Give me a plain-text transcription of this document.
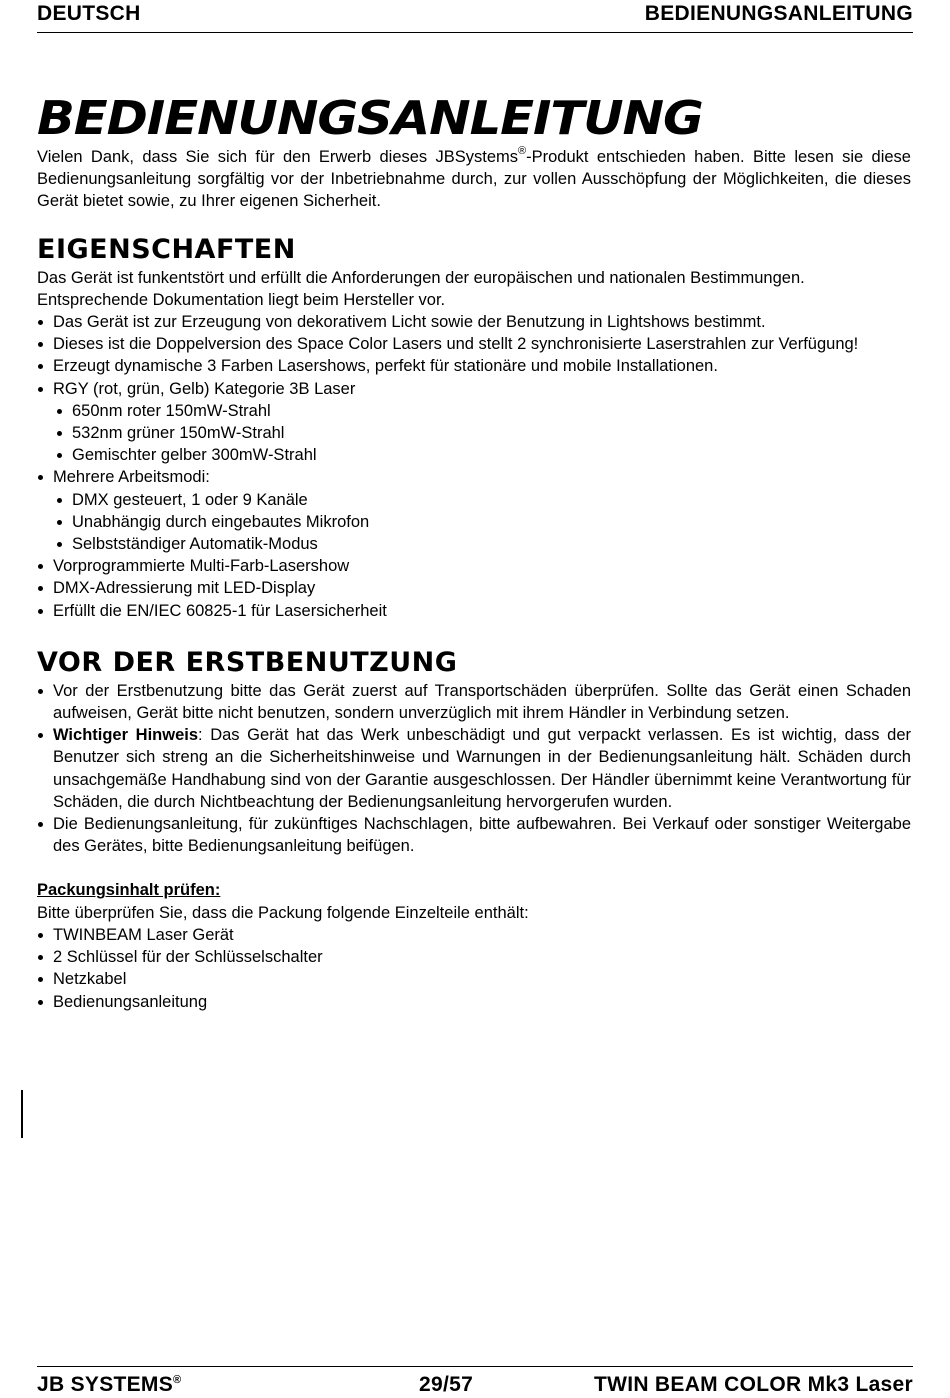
DEUTSCH	BEDIENUNGSANLEITUNG
BEDIENUNGSANLEITUNG

Vielen Dank, dass Sie sich für den Erwerb dieses JBSystems®-Produkt entschieden haben. Bitte lesen sie diese Bedienungsanleitung sorgfältig vor der Inbetriebnahme durch, zur vollen Ausschöpfung der Möglichkeiten, die dieses Gerät bietet sowie, zu Ihrer eigenen Sicherheit.

EIGENSCHAFTEN

Das Gerät ist funkentstört und erfüllt die Anforderungen der europäischen und nationalen Bestimmungen. Entsprechende Dokumentation liegt beim Hersteller vor.

Das Gerät ist zur Erzeugung von dekorativem Licht sowie der Benutzung in Lightshows bestimmt.
Dieses ist die Doppelversion des Space Color Lasers und stellt 2 synchronisierte Laserstrahlen zur Verfügung!
Erzeugt dynamische 3 Farben Lasershows, perfekt für stationäre und mobile Installationen.
RGY (rot, grün, Gelb) Kategorie 3B Laser
650nm roter 150mW-Strahl
532nm grüner 150mW-Strahl
Gemischter gelber 300mW-Strahl
Mehrere Arbeitsmodi:
DMX gesteuert, 1 oder 9 Kanäle
Unabhängig durch eingebautes Mikrofon
Selbstständiger Automatik-Modus
Vorprogrammierte Multi-Farb-Lasershow
DMX-Adressierung mit LED-Display
Erfüllt die EN/IEC 60825-1 für Lasersicherheit
VOR DER ERSTBENUTZUNG
Vor der Erstbenutzung bitte das Gerät zuerst auf Transportschäden überprüfen. Sollte das Gerät einen Schaden aufweisen, Gerät bitte nicht benutzen, sondern unverzüglich mit ihrem Händler in Verbindung setzen.
Wichtiger Hinweis: Das Gerät hat das Werk unbeschädigt und gut verpackt verlassen. Es ist wichtig, dass der Benutzer sich streng an die Sicherheitshinweise und Warnungen in der Bedienungsanleitung hält. Schäden durch unsachgemäße Handhabung sind von der Garantie ausgeschlossen. Der Händler übernimmt keine Verantwortung für Schäden, die durch Nichtbeachtung der Bedienungsanleitung hervorgerufen wurden.
Die Bedienungsanleitung, für zukünftiges Nachschlagen, bitte aufbewahren. Bei Verkauf oder sonstiger Weitergabe des Gerätes, bitte Bedienungsanleitung beifügen.

Packungsinhalt prüfen:

Bitte überprüfen Sie, dass die Packung folgende Einzelteile enthält:

TWINBEAM Laser Gerät
2 Schlüssel für der Schlüsselschalter
Netzkabel
Bedienungsanleitung
JB SYSTEMS®	29/57	TWIN BEAM COLOR Mk3 Laser
